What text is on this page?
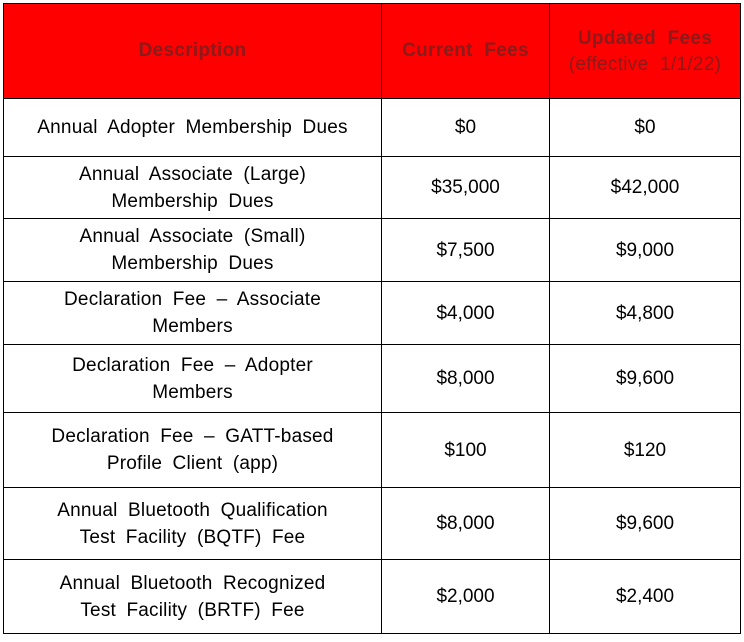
Description	Current Fees	Updated Fees
(effective 1/1/22)

Annual Adopter Membership Dues	$0	$0

Annual Associate (Large)
Membership Dues	$35,000	$42,000

Annual Associate (Small)
Membership Dues	$7,500	$9,000

Declaration Fee – Associate
Members	$4,000	$4,800

Declaration Fee – Adopter
Members	$8,000	$9,600

Declaration Fee – GATT-based
Profile Client (app)	$100	$120

Annual Bluetooth Qualification
Test Facility (BQTF) Fee	$8,000	$9,600

Annual Bluetooth Recognized
Test Facility (BRTF) Fee	$2,000	$2,400
